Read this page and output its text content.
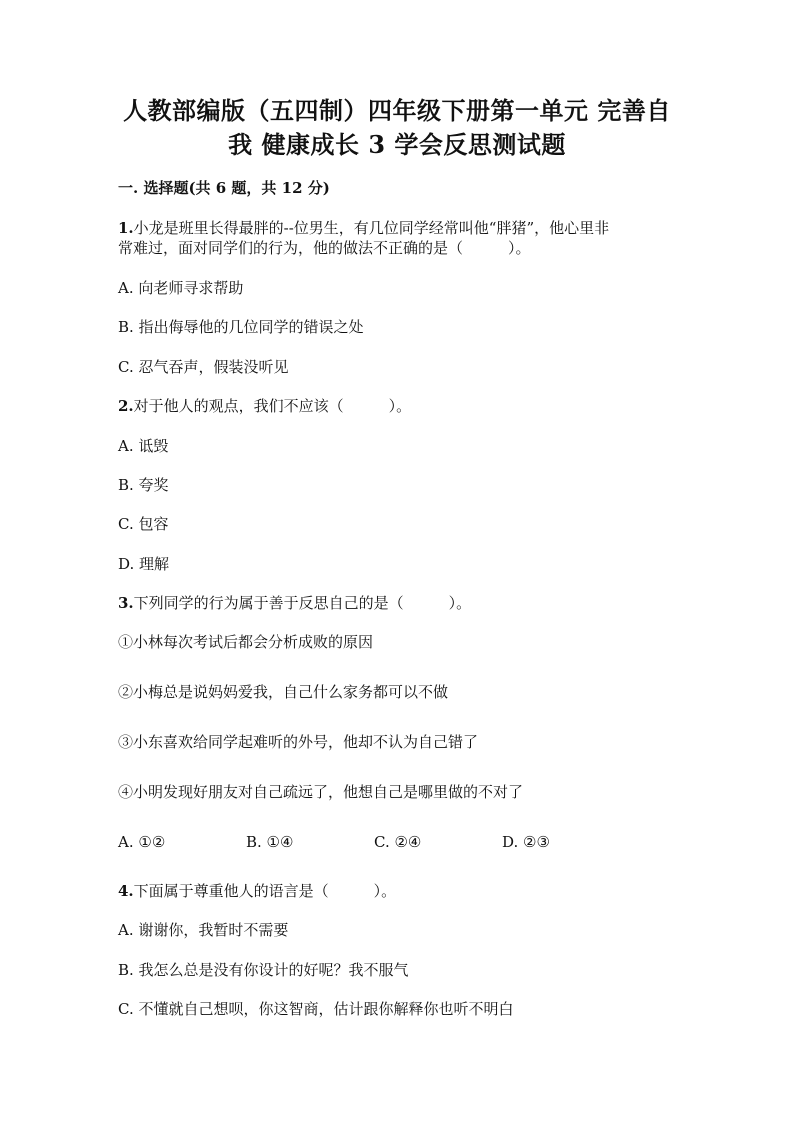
人教部编版（五四制）四年级下册第一单元 完善自
我 健康成长 3 学会反思测试题
一. 选择题(共 6 题，共 12 分)
1.小龙是班里长得最胖的--位男生，有几位同学经常叫他“胖猪”，他心里非
常难过，面对同学们的行为，他的做法不正确的是（　　　）。
A. 向老师寻求帮助
B. 指出侮辱他的几位同学的错误之处
C. 忍气吞声，假装没听见
2.对于他人的观点，我们不应该（　　　）。
A. 诋毁
B. 夸奖
C. 包容
D. 理解
3.下列同学的行为属于善于反思自己的是（　　　）。
①小林每次考试后都会分析成败的原因
②小梅总是说妈妈爱我，自己什么家务都可以不做
③小东喜欢给同学起难听的外号，他却不认为自己错了
④小明发现好朋友对自己疏远了，他想自己是哪里做的不对了
A. ①②	B. ①④	C. ②④	D. ②③
4.下面属于尊重他人的语言是（　　　）。
A. 谢谢你，我暂时不需要
B. 我怎么总是没有你设计的好呢？我不服气
C. 不懂就自己想呗，你这智商，估计跟你解释你也听不明白
